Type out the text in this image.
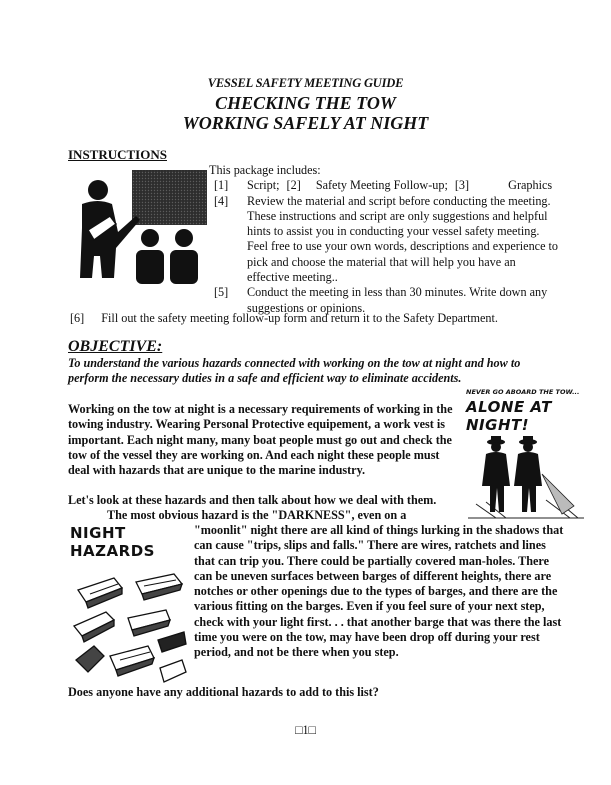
VESSEL SAFETY MEETING GUIDE
CHECKING THE TOW
WORKING SAFELY AT NIGHT
INSTRUCTIONS
This package includes:
[1] Script; [2] Safety Meeting Follow-up; [3]	Graphics
[4] Review the material and script before conducting the meeting. These instructions and script are only suggestions and helpful hints to assist you in conducting your vessel safety meeting. Feel free to use your own words, descriptions and experience to pick and choose the material that will help you have an effective meeting..
[5] Conduct the meeting in less than 30 minutes. Write down any suggestions or opinions.
[6] Fill out the safety meeting follow-up form and return it to the Safety Department.
OBJECTIVE:
To understand the various hazards connected with working on the tow at night and how to perform the necessary duties in a safe and efficient way to eliminate accidents.
Working on the tow at night is a necessary requirements of working in the towing industry. Wearing Personal Protective equipement, a work vest is important. Each night many, many boat people must go out and check the tow of the vessel they are working on. And each night these people must deal with hazards that are unique to the marine industry.
NEVER GO ABOARD THE TOW...
ALONE AT NIGHT!
Let's look at these hazards and then talk about how we deal with them.
The most obvious hazard is the "DARKNESS", even on a
"moonlit" night there are all kind of things lurking in the shadows that can cause "trips, slips and falls." There are wires, ratchets and lines that can trip you. There could be partially covered man-holes. There can be uneven surfaces between barges of different heights, there are notches or other openings due to the types of barges, and there are the various fitting on the barges. Even if you feel sure of your next step, check with your light first. . . that another barge that was there the last time you were on the tow, may have been drop off during your rest period, and not be there when you step.
NIGHT HAZARDS
Does anyone have any additional hazards to add to this list?
□1□
